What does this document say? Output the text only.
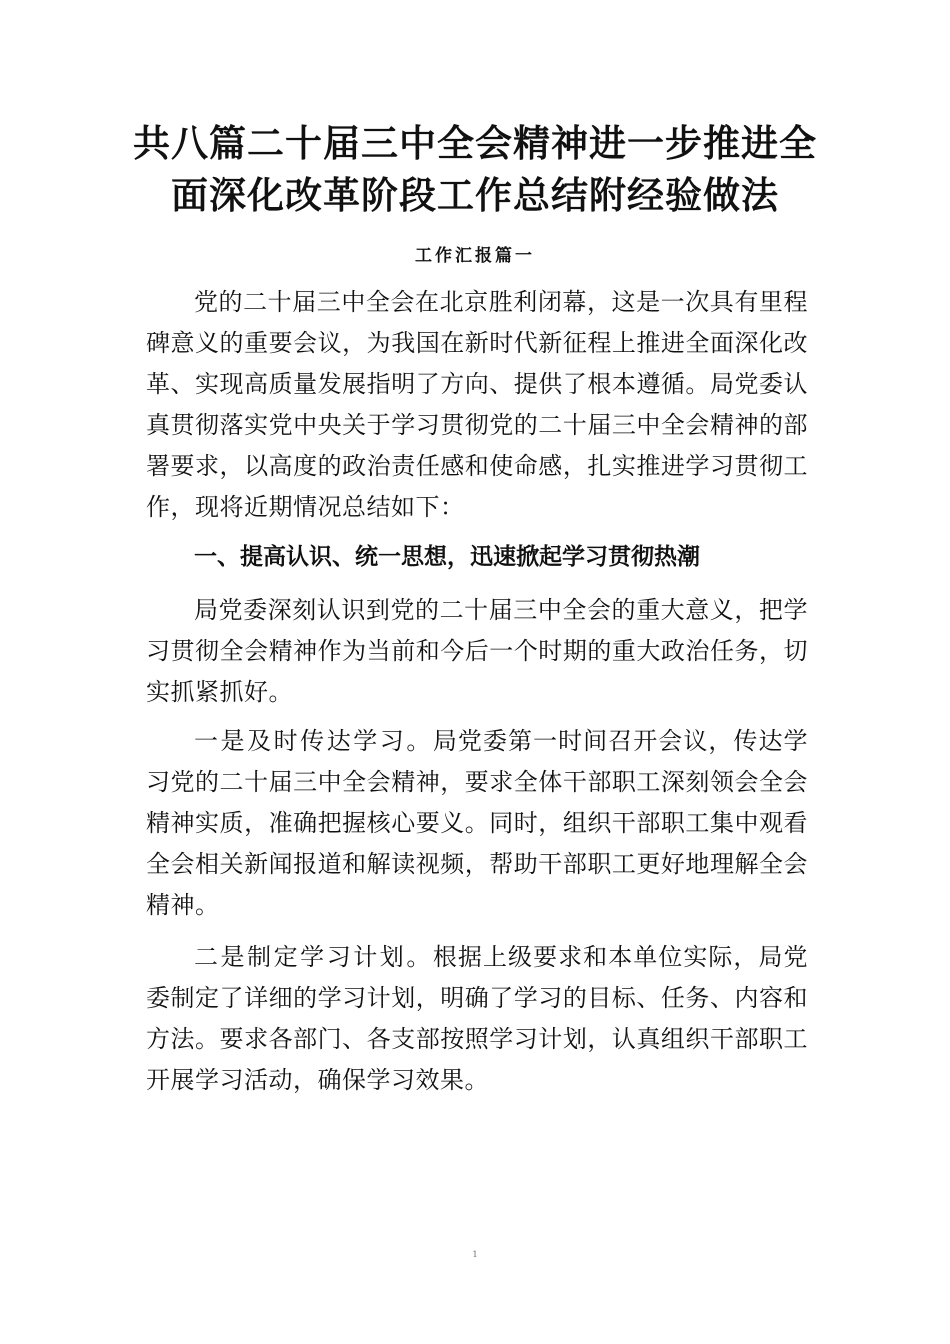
共八篇二十届三中全会精神进一步推进全
面深化改革阶段工作总结附经验做法
工作汇报篇一

党的二十届三中全会在北京胜利闭幕，这是一次具有里程碑意义的重要会议，为我国在新时代新征程上推进全面深化改革、实现高质量发展指明了方向、提供了根本遵循。局党委认真贯彻落实党中央关于学习贯彻党的二十届三中全会精神的部署要求，以高度的政治责任感和使命感，扎实推进学习贯彻工作，现将近期情况总结如下：

一、提高认识、统一思想，迅速掀起学习贯彻热潮

局党委深刻认识到党的二十届三中全会的重大意义，把学习贯彻全会精神作为当前和今后一个时期的重大政治任务，切实抓紧抓好。

一是及时传达学习。局党委第一时间召开会议，传达学习党的二十届三中全会精神，要求全体干部职工深刻领会全会精神实质，准确把握核心要义。同时，组织干部职工集中观看全会相关新闻报道和解读视频，帮助干部职工更好地理解全会精神。

二是制定学习计划。根据上级要求和本单位实际，局党委制定了详细的学习计划，明确了学习的目标、任务、内容和方法。要求各部门、各支部按照学习计划，认真组织干部职工开展学习活动，确保学习效果。

1
